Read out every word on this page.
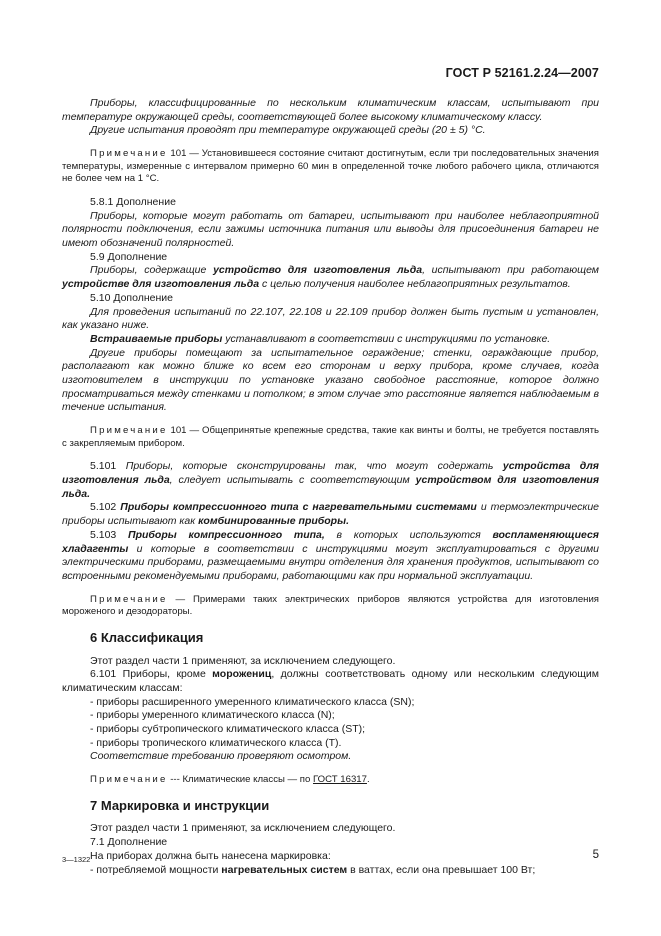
ГОСТ Р 52161.2.24—2007

Приборы, классифицированные по нескольким климатическим классам, испытывают при температуре окружающей среды, соответствующей более высокому климатическому классу.

Другие испытания проводят при температуре окружающей среды (20 ± 5) °С.

Примечание 101 — Установившееся состояние считают достигнутым, если три последовательных значения температуры, измеренные с интервалом примерно 60 мин в определенной точке любого рабочего цикла, отличаются не более чем на 1 °С.

5.8.1 Дополнение

Приборы, которые могут работать от батареи, испытывают при наиболее неблагоприятной полярности подключения, если зажимы источника питания или выводы для присоединения батареи не имеют обозначений полярностей.

5.9 Дополнение

Приборы, содержащие устройство для изготовления льда, испытывают при работающем устройстве для изготовления льда с целью получения наиболее неблагоприятных результатов.

5.10 Дополнение

Для проведения испытаний по 22.107, 22.108 и 22.109 прибор должен быть пустым и установлен, как указано ниже.

Встраиваемые приборы устанавливают в соответствии с инструкциями по установке.

Другие приборы помещают за испытательное ограждение; стенки, ограждающие прибор, располагают как можно ближе ко всем его сторонам и верху прибора, кроме случаев, когда изготовителем в инструкции по установке указано свободное расстояние, которое должно просматриваться между стенками и потолком; в этом случае это расстояние является наблюдаемым в течение испытания.

Примечание 101 — Общепринятые крепежные средства, такие как винты и болты, не требуется поставлять с закрепляемым прибором.

5.101 Приборы, которые сконструированы так, что могут содержать устройства для изготовления льда, следует испытывать с соответствующим устройством для изготовления льда.

5.102 Приборы компрессионного типа с нагревательными системами и термоэлектрические приборы испытывают как комбинированные приборы.

5.103 Приборы компрессионного типа, в которых используются воспламеняющиеся хладагенты и которые в соответствии с инструкциями могут эксплуатироваться с другими электрическими приборами, размещаемыми внутри отделения для хранения продуктов, испытывают со встроенными рекомендуемыми приборами, работающими как при нормальной эксплуатации.

Примечание — Примерами таких электрических приборов являются устройства для изготовления мороженого и дезодораторы.

6 Классификация

Этот раздел части 1 применяют, за исключением следующего.

6.101 Приборы, кроме морожениц, должны соответствовать одному или нескольким следующим климатическим классам:

- приборы расширенного умеренного климатического класса (SN);

- приборы умеренного климатического класса (N);

- приборы субтропического климатического класса (ST);

- приборы тропического климатического класса (Т).

Соответствие требованию проверяют осмотром.

Примечание --- Климатические классы — по ГОСТ 16317.

7 Маркировка и инструкции

Этот раздел части 1 применяют, за исключением следующего.

7.1 Дополнение

На приборах должна быть нанесена маркировка:

- потребляемой мощности нагревательных систем в ваттах, если она превышает 100 Вт;

3—1322	5
